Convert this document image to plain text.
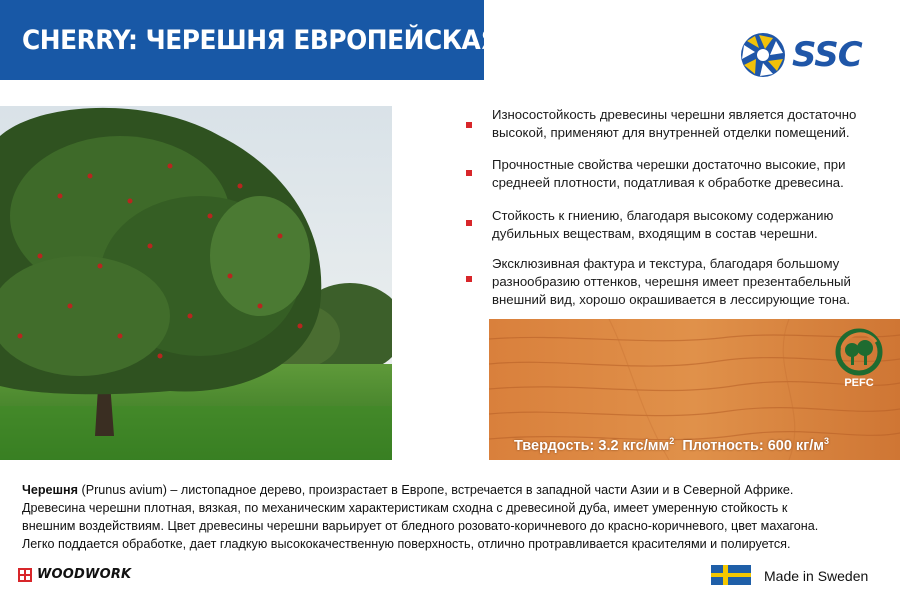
CHERRY: ЧЕРЕШНЯ ЕВРОПЕЙСКАЯ	SSC
Износостойкость древесины черешни является достаточно
высокой, применяют для внутренней отделки помещений.
Прочностные свойства черешки достаточно высокие, при
среднеей плотности, податливая к обработке древесина.
Стойкость к гниению, благодаря высокому содержанию
дубильных веществам, входящим в состав черешни.
Эксклюзивная фактура и текстура, благодаря большому
разнообразию оттенков, черешня имеет презентабельный
внешний вид, хорошо окрашивается в лессирующие тона.
PEFC
Твердость: 3.2 кгс/$мм^2$ Плотность: 600 $кг/м^3$
Черешня (Prunus avium) – листопадное дерево, произрастает в Европе, встречается в западной части Азии и в Северной Африке.
Древесина черешни плотная, вязкая, по механическим характеристикам сходна с древесиной дуба, имеет умеренную стойкость к
внешним воздействиям. Цвет древесины черешни варьирует от бледного розовато-коричневого до красно-коричневого, цвет махагона.
Легко поддается обработке, дает гладкую высококачественную поверхность, отлично протравливается красителями и полируется.
WOODWORK	Made in Sweden
